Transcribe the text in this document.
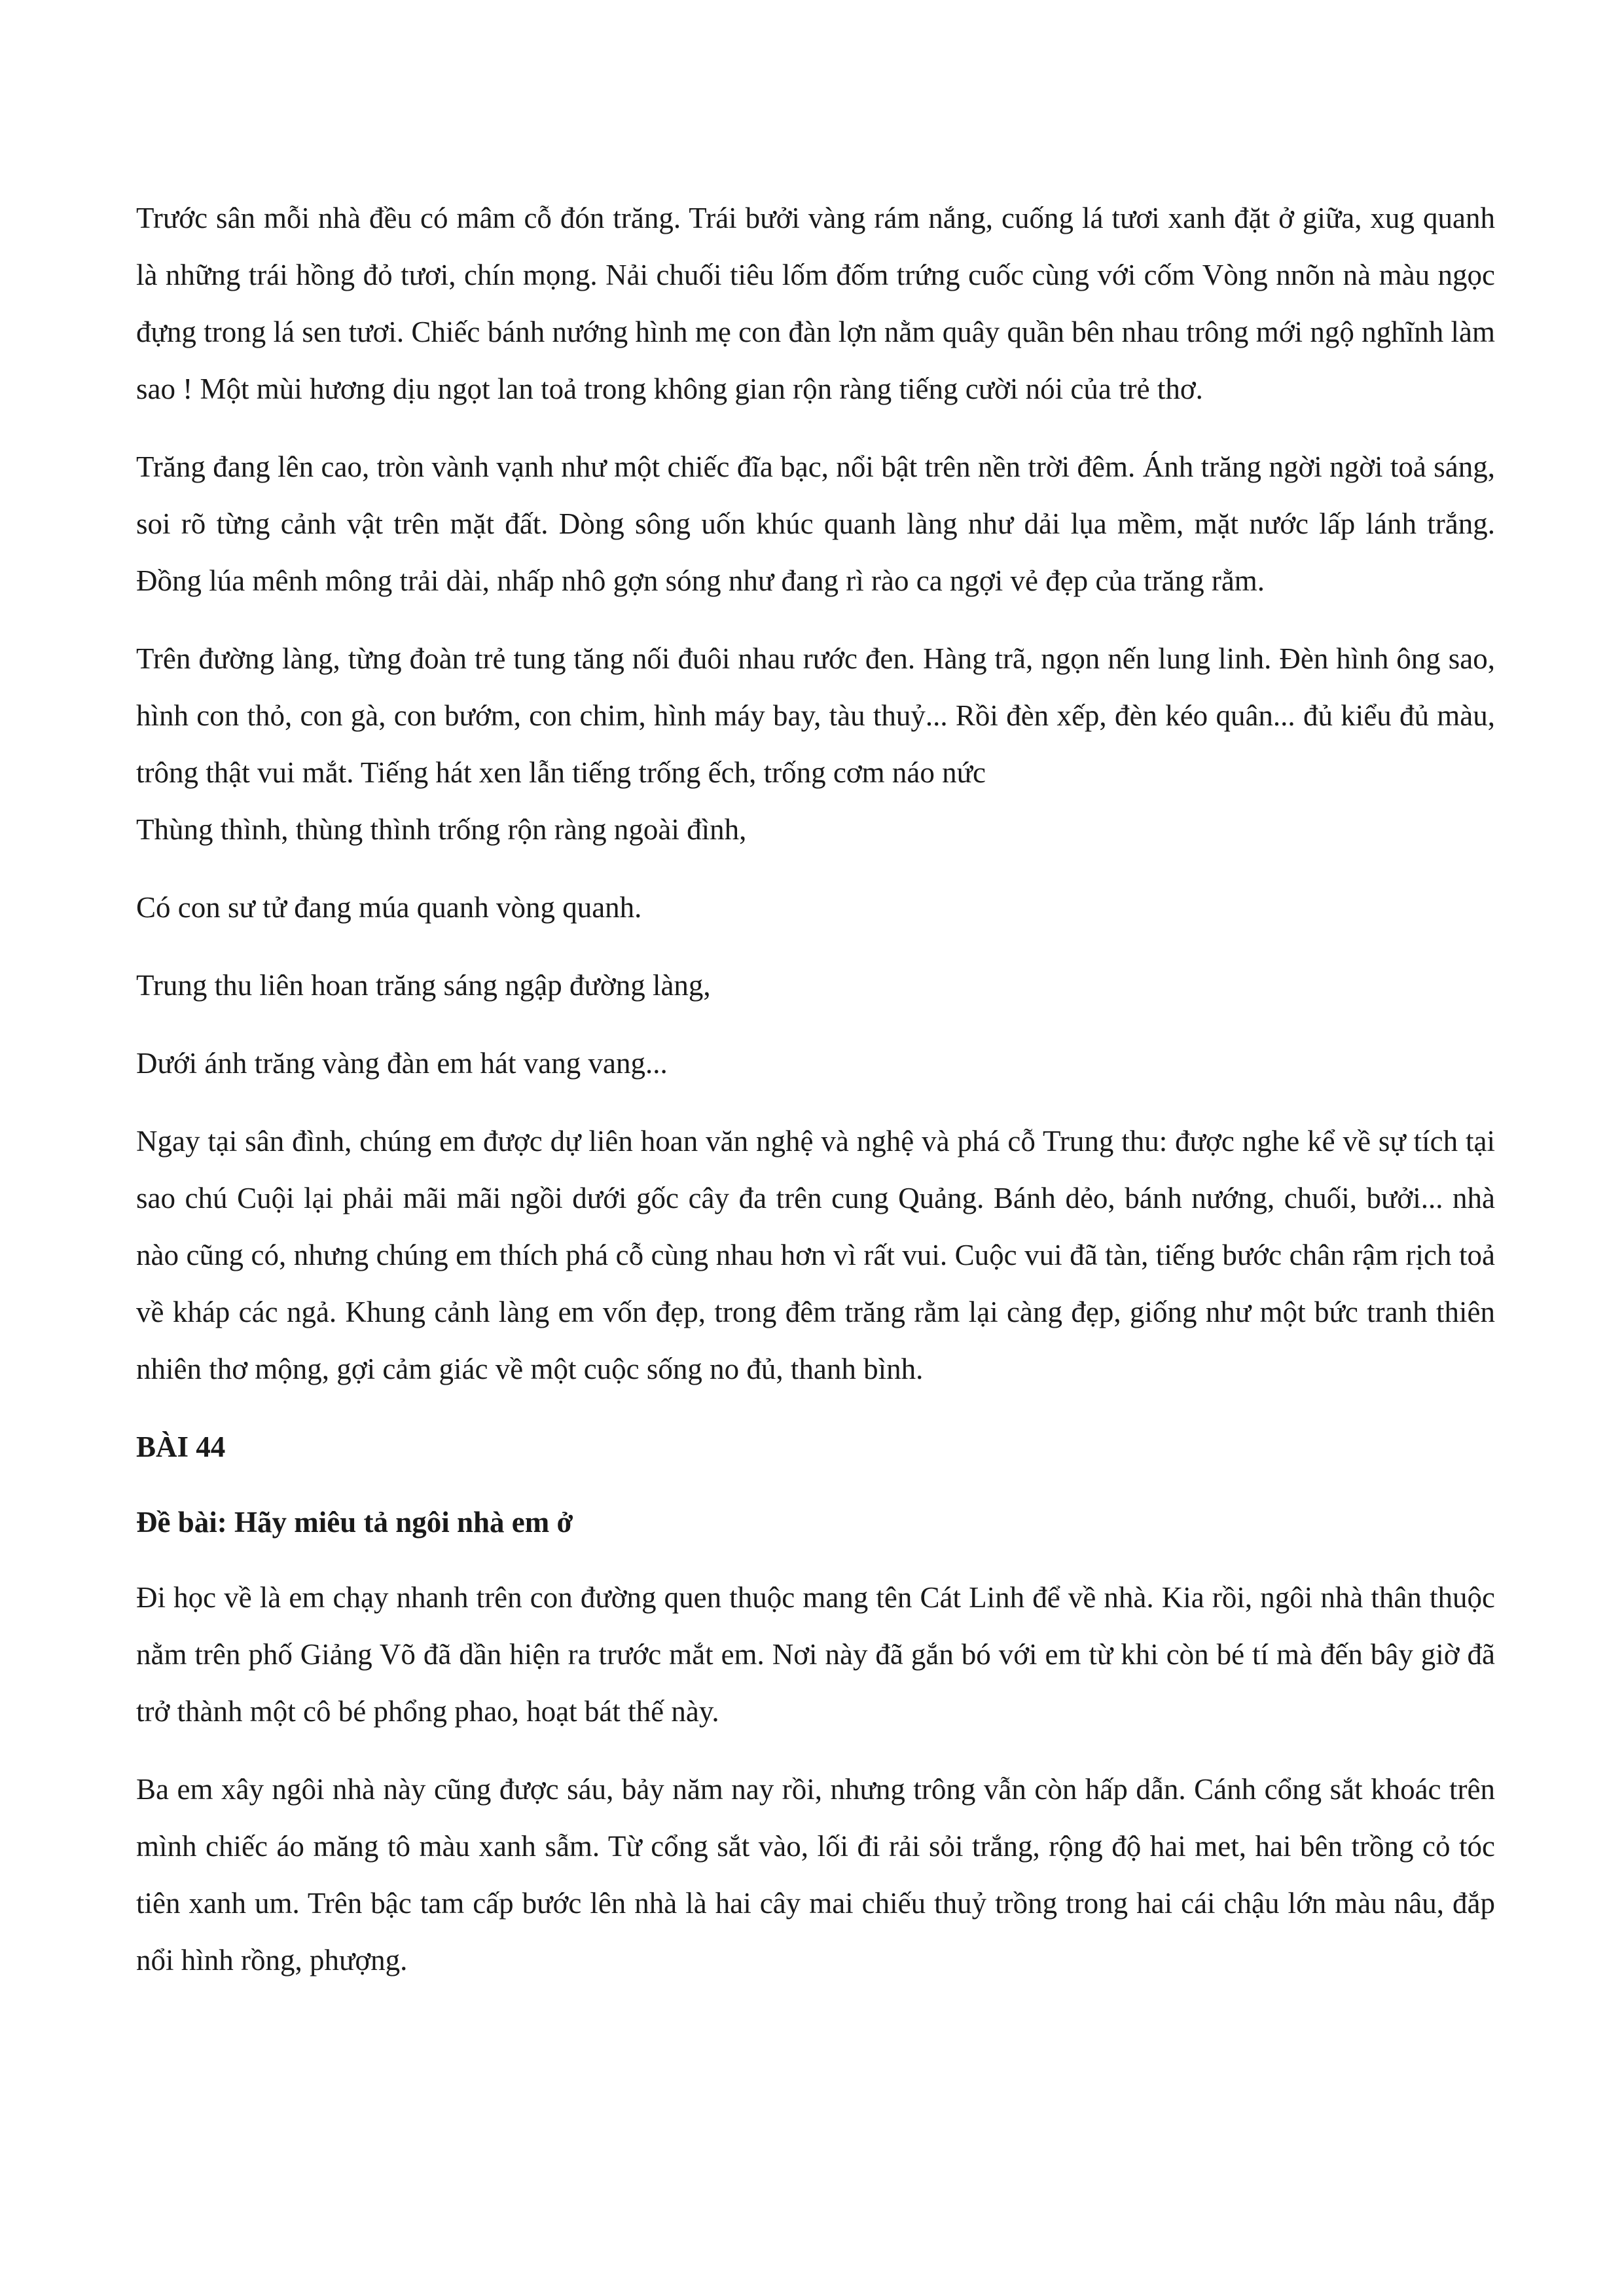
Trước sân mỗi nhà đều có mâm cỗ đón trăng. Trái bưởi vàng rám nắng, cuống lá tươi xanh đặt ở giữa, xug quanh là những trái hồng đỏ tươi, chín mọng. Nải chuối tiêu lốm đốm trứng cuốc cùng với cốm Vòng nnõn nà màu ngọc đựng trong lá sen tươi. Chiếc bánh nướng hình mẹ con đàn lợn nằm quây quần bên nhau trông mới ngộ nghĩnh làm sao ! Một mùi hương dịu ngọt lan toả trong không gian rộn ràng tiếng cười nói của trẻ thơ.

Trăng đang lên cao, tròn vành vạnh như một chiếc đĩa bạc, nổi bật trên nền trời đêm. Ánh trăng ngời ngời toả sáng, soi rõ từng cảnh vật trên mặt đất. Dòng sông uốn khúc quanh làng như dải lụa mềm, mặt nước lấp lánh trắng. Đồng lúa mênh mông trải dài, nhấp nhô gợn sóng như đang rì rào ca ngợi vẻ đẹp của trăng rằm.

Trên đường làng, từng đoàn trẻ tung tăng nối đuôi nhau rước đen. Hàng trã, ngọn nến lung linh. Đèn hình ông sao, hình con thỏ, con gà, con bướm, con chim, hình máy bay, tàu thuỷ... Rồi đèn xếp, đèn kéo quân... đủ kiểu đủ màu, trông thật vui mắt. Tiếng hát xen lẫn tiếng trống ếch, trống cơm náo nức

Thùng thình, thùng thình trống rộn ràng ngoài đình,

Có con sư tử đang múa quanh vòng quanh.

Trung thu liên hoan trăng sáng ngập đường làng,

Dưới ánh trăng vàng đàn em hát vang vang...

Ngay tại sân đình, chúng em được dự liên hoan văn nghệ và nghệ và phá cỗ Trung thu: được nghe kể về sự tích tại sao chú Cuội lại phải mãi mãi ngồi dưới gốc cây đa trên cung Quảng. Bánh dẻo, bánh nướng, chuối, bưởi... nhà nào cũng có, nhưng chúng em thích phá cỗ cùng nhau hơn vì rất vui. Cuộc vui đã tàn, tiếng bước chân rậm rịch toả về kháp các ngả. Khung cảnh làng em vốn đẹp, trong đêm trăng rằm lại càng đẹp, giống như một bức tranh thiên nhiên thơ mộng, gợi cảm giác về một cuộc sống no đủ, thanh bình.

BÀI 44

Đề bài: Hãy miêu tả ngôi nhà em ở

Đi học về là em chạy nhanh trên con đường quen thuộc mang tên Cát Linh để về nhà. Kia rồi, ngôi nhà thân thuộc nằm trên phố Giảng Võ đã dần hiện ra trước mắt em. Nơi này đã gắn bó với em từ khi còn bé tí mà đến bây giờ đã trở thành một cô bé phổng phao, hoạt bát thế này.

Ba em xây ngôi nhà này cũng được sáu, bảy năm nay rồi, nhưng trông vẫn còn hấp dẫn. Cánh cổng sắt khoác trên mình chiếc áo măng tô màu xanh sẫm. Từ cổng sắt vào, lối đi rải sỏi trắng, rộng độ hai met, hai bên trồng cỏ tóc tiên xanh um. Trên bậc tam cấp bước lên nhà là hai cây mai chiếu thuỷ trồng trong hai cái chậu lớn màu nâu, đắp nổi hình rồng, phượng.
